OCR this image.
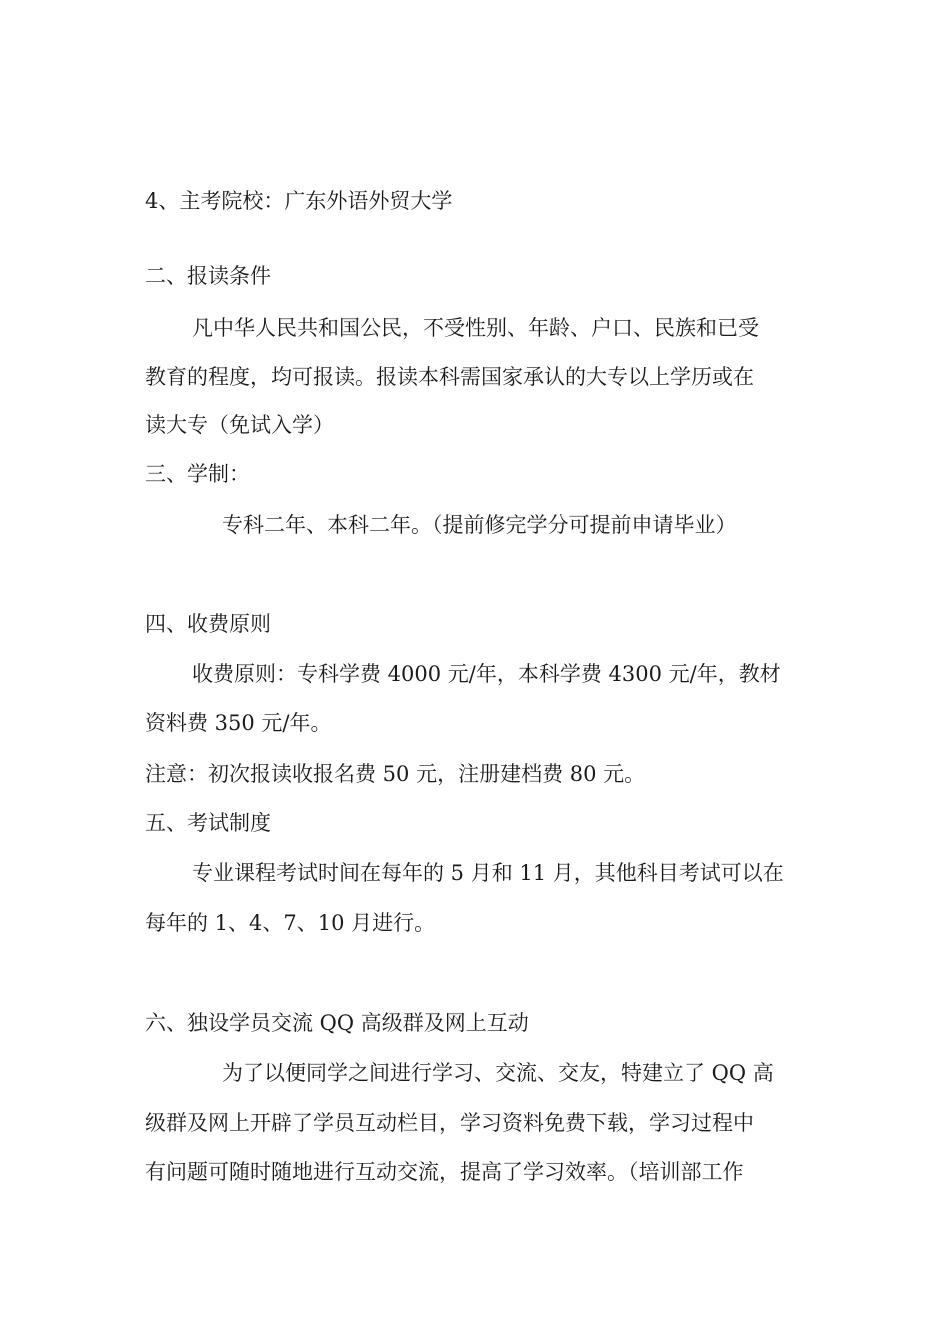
4、主考院校：广东外语外贸大学

二、报读条件

凡中华人民共和国公民，不受性别、年龄、户口、民族和已受

教育的程度，均可报读。报读本科需国家承认的大专以上学历或在

读大专（免试入学）

三、学制：

专科二年、本科二年。（提前修完学分可提前申请毕业）

四、收费原则

收费原则：专科学费 4000 元/年，本科学费 4300 元/年，教材

资料费 350 元/年。

注意：初次报读收报名费 50 元，注册建档费 80 元。

五、考试制度

专业课程考试时间在每年的 5 月和 11 月，其他科目考试可以在

每年的 1、4、7、10 月进行。

六、独设学员交流 QQ 高级群及网上互动

为了以便同学之间进行学习、交流、交友，特建立了 QQ 高

级群及网上开辟了学员互动栏目，学习资料免费下载，学习过程中

有问题可随时随地进行互动交流，提高了学习效率。（培训部工作
